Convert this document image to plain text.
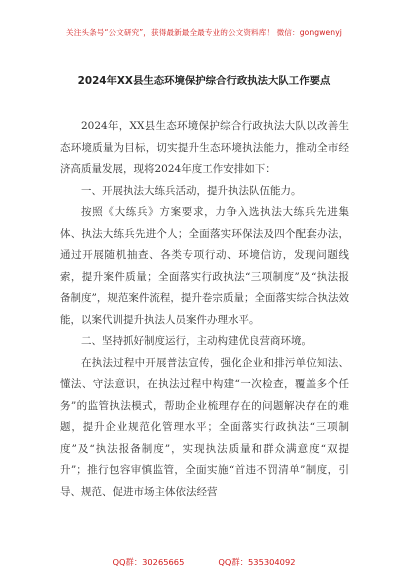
关注头条号“公文研究”，获得最新最全最专业的公文资料库！ 微信：gongwenyj
2024年XX县生态环境保护综合行政执法大队工作要点

2024年，XX县生态环境保护综合行政执法大队以改善生态环境质量为目标，切实提升生态环境执法能力，推动全市经济高质量发展，现将2024年度工作安排如下：

一、开展执法大练兵活动，提升执法队伍能力。

按照《大练兵》方案要求，力争入选执法大练兵先进集体、执法大练兵先进个人；全面落实环保法及四个配套办法，通过开展随机抽查、各类专项行动、环境信访，发现问题线索，提升案件质量；全面落实行政执法“三项制度”及“执法报备制度”，规范案件流程，提升卷宗质量；全面落实综合执法效能，以案代训提升执法人员案件办理水平。

二、坚持抓好制度运行，主动构建优良营商环境。

在执法过程中开展普法宣传，强化企业和排污单位知法、懂法、守法意识，在执法过程中构建“一次检查，覆盖多个任务”的监管执法模式，帮助企业梳理存在的问题解决存在的难题，提升企业规范化管理水平；全面落实行政执法“三项制度”及“执法报备制度”，实现执法质量和群众满意度“双提升”；推行包容审慎监管，全面实施“首违不罚清单”制度，引导、规范、促进市场主体依法经营

QQ群：30265665	QQ群：535304092
